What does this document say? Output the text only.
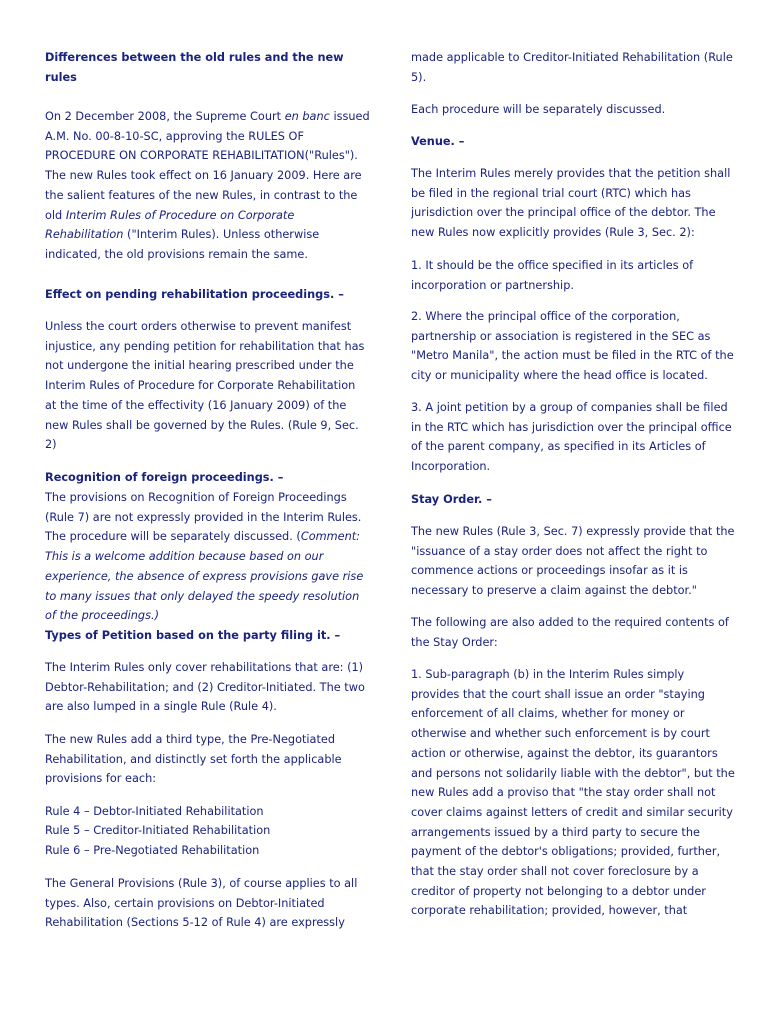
Differences between the old rules and the new rules

On 2 December 2008, the Supreme Court en banc issued A.M. No. 00-8-10-SC, approving the RULES OF PROCEDURE ON CORPORATE REHABILITATION("Rules"). The new Rules took effect on 16 January 2009. Here are the salient features of the new Rules, in contrast to the old Interim Rules of Procedure on Corporate Rehabilitation ("Interim Rules). Unless otherwise indicated, the old provisions remain the same.

Effect on pending rehabilitation proceedings. –

Unless the court orders otherwise to prevent manifest injustice, any pending petition for rehabilitation that has not undergone the initial hearing prescribed under the Interim Rules of Procedure for Corporate Rehabilitation at the time of the effectivity (16 January 2009) of the new Rules shall be governed by the Rules. (Rule 9, Sec. 2)

Recognition of foreign proceedings. –

The provisions on Recognition of Foreign Proceedings (Rule 7) are not expressly provided in the Interim Rules. The procedure will be separately discussed. (Comment: This is a welcome addition because based on our experience, the absence of express provisions gave rise to many issues that only delayed the speedy resolution of the proceedings.)

Types of Petition based on the party filing it. –

The Interim Rules only cover rehabilitations that are: (1) Debtor-Rehabilitation; and (2) Creditor-Initiated. The two are also lumped in a single Rule (Rule 4).

The new Rules add a third type, the Pre-Negotiated Rehabilitation, and distinctly set forth the applicable provisions for each:

Rule 4 – Debtor-Initiated Rehabilitation

Rule 5 – Creditor-Initiated Rehabilitation

Rule 6 – Pre-Negotiated Rehabilitation

The General Provisions (Rule 3), of course applies to all types. Also, certain provisions on Debtor-Initiated Rehabilitation (Sections 5-12 of Rule 4) are expressly

made applicable to Creditor-Initiated Rehabilitation (Rule 5).

Each procedure will be separately discussed.

Venue. –

The Interim Rules merely provides that the petition shall be filed in the regional trial court (RTC) which has jurisdiction over the principal office of the debtor. The new Rules now explicitly provides (Rule 3, Sec. 2):

1. It should be the office specified in its articles of incorporation or partnership.

2. Where the principal office of the corporation, partnership or association is registered in the SEC as "Metro Manila", the action must be filed in the RTC of the city or municipality where the head office is located.

3. A joint petition by a group of companies shall be filed in the RTC which has jurisdiction over the principal office of the parent company, as specified in its Articles of Incorporation.

Stay Order. –

The new Rules (Rule 3, Sec. 7) expressly provide that the "issuance of a stay order does not affect the right to commence actions or proceedings insofar as it is necessary to preserve a claim against the debtor."

The following are also added to the required contents of the Stay Order:

1. Sub-paragraph (b) in the Interim Rules simply provides that the court shall issue an order "staying enforcement of all claims, whether for money or otherwise and whether such enforcement is by court action or otherwise, against the debtor, its guarantors and persons not solidarily liable with the debtor", but the new Rules add a proviso that "the stay order shall not cover claims against letters of credit and similar security arrangements issued by a third party to secure the payment of the debtor's obligations; provided, further, that the stay order shall not cover foreclosure by a creditor of property not belonging to a debtor under corporate rehabilitation; provided, however, that
